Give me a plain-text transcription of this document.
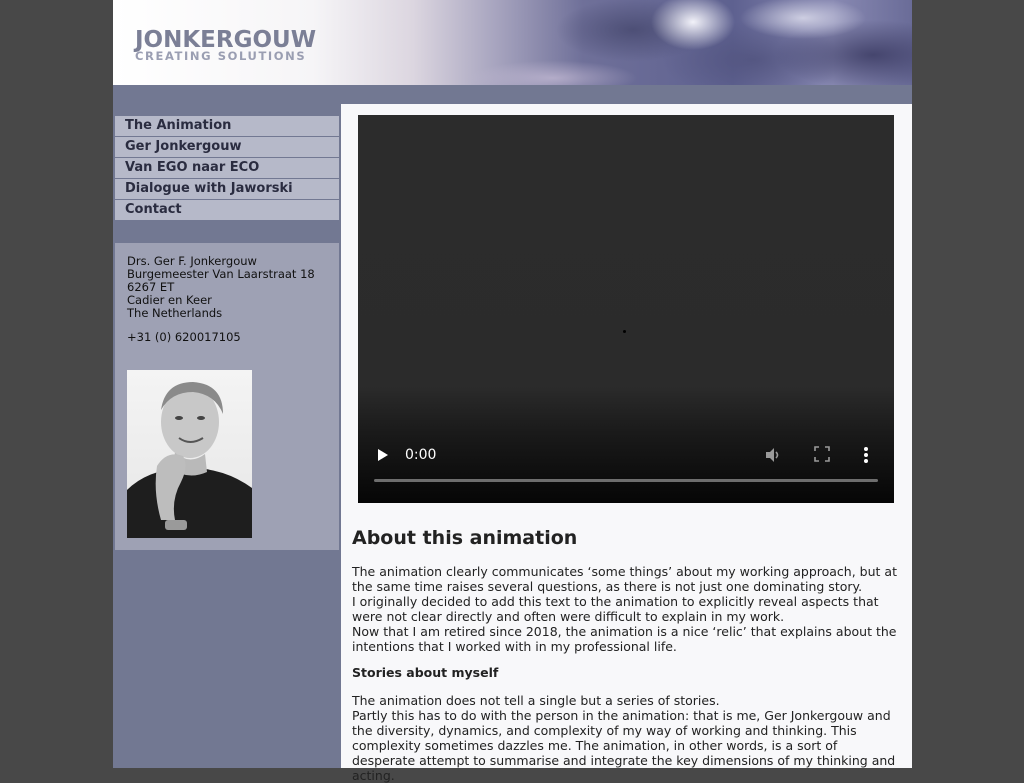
JONKERGOUW
CREATING SOLUTIONS
The Animation
Ger Jonkergouw
Van EGO naar ECO
Dialogue with Jaworski
Contact
Drs. Ger F. Jonkergouw
Burgemeester Van Laarstraat 18
6267 ET
Cadier en Keer
The Netherlands
+31 (0) 620017105
0:00
About this animation
The animation clearly communicates ‘some things’ about my working approach, but at the same time raises several questions, as there is not just one dominating story.
I originally decided to add this text to the animation to explicitly reveal aspects that were not clear directly and often were difficult to explain in my work.
Now that I am retired since 2018, the animation is a nice ‘relic’ that explains about the intentions that I worked with in my professional life.
Stories about myself
The animation does not tell a single but a series of stories.
Partly this has to do with the person in the animation: that is me, Ger Jonkergouw and the diversity, dynamics, and complexity of my way of working and thinking. This complexity sometimes dazzles me. The animation, in other words, is a sort of desperate attempt to summarise and integrate the key dimensions of my thinking and acting.
